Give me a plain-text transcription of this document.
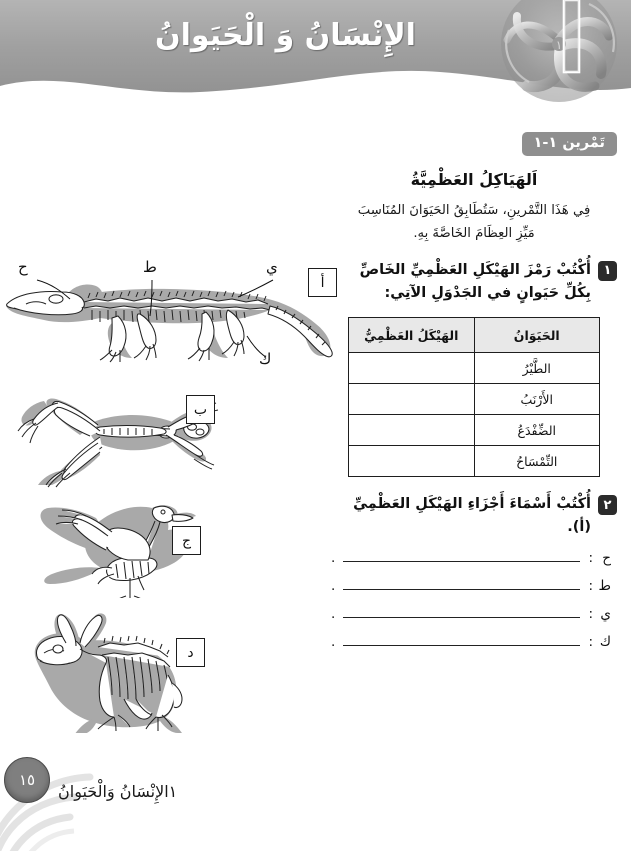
الإِنْسَانُ وَ الْحَيَوانُ	١
تَمْرين ١-١
اَلهَيَاكِلُ العَظْمِيَّةُ
فِي هَذَا التَّمْرينِ، سَتُطَابِقُ الحَيَوَانَ المُنَاسِبَ
مَيِّزِ العِظَامَ الخَاصَّةَ بِهِ.
١
أُكْتُبْ رَمْزَ الهَيْكَلِ العَظْمِيِّ الخَاصِّ بِكُلِّ حَيَوانٍ في الجَدْوَلِ الآتِي:
الحَيَوَانُ	الهَيْكَلُ العَظْمِيُّ
الطَّيْرُ	
الأَرْنَبُ	
الضِّفْدَعُ	
التِّمْسَاحُ	
٢
أُكْتُبْ أَسْمَاءَ أَجْزَاءِ الهَيْكَلِ العَظْمِيِّ (أ).
ح
:
.
ط
:
.
ي
:
.
ك
:
.
ح	ط	ي
ك
أ
ب
ج
د
١٥
١الإِنْسَانُ وَالْحَيَوانُ
